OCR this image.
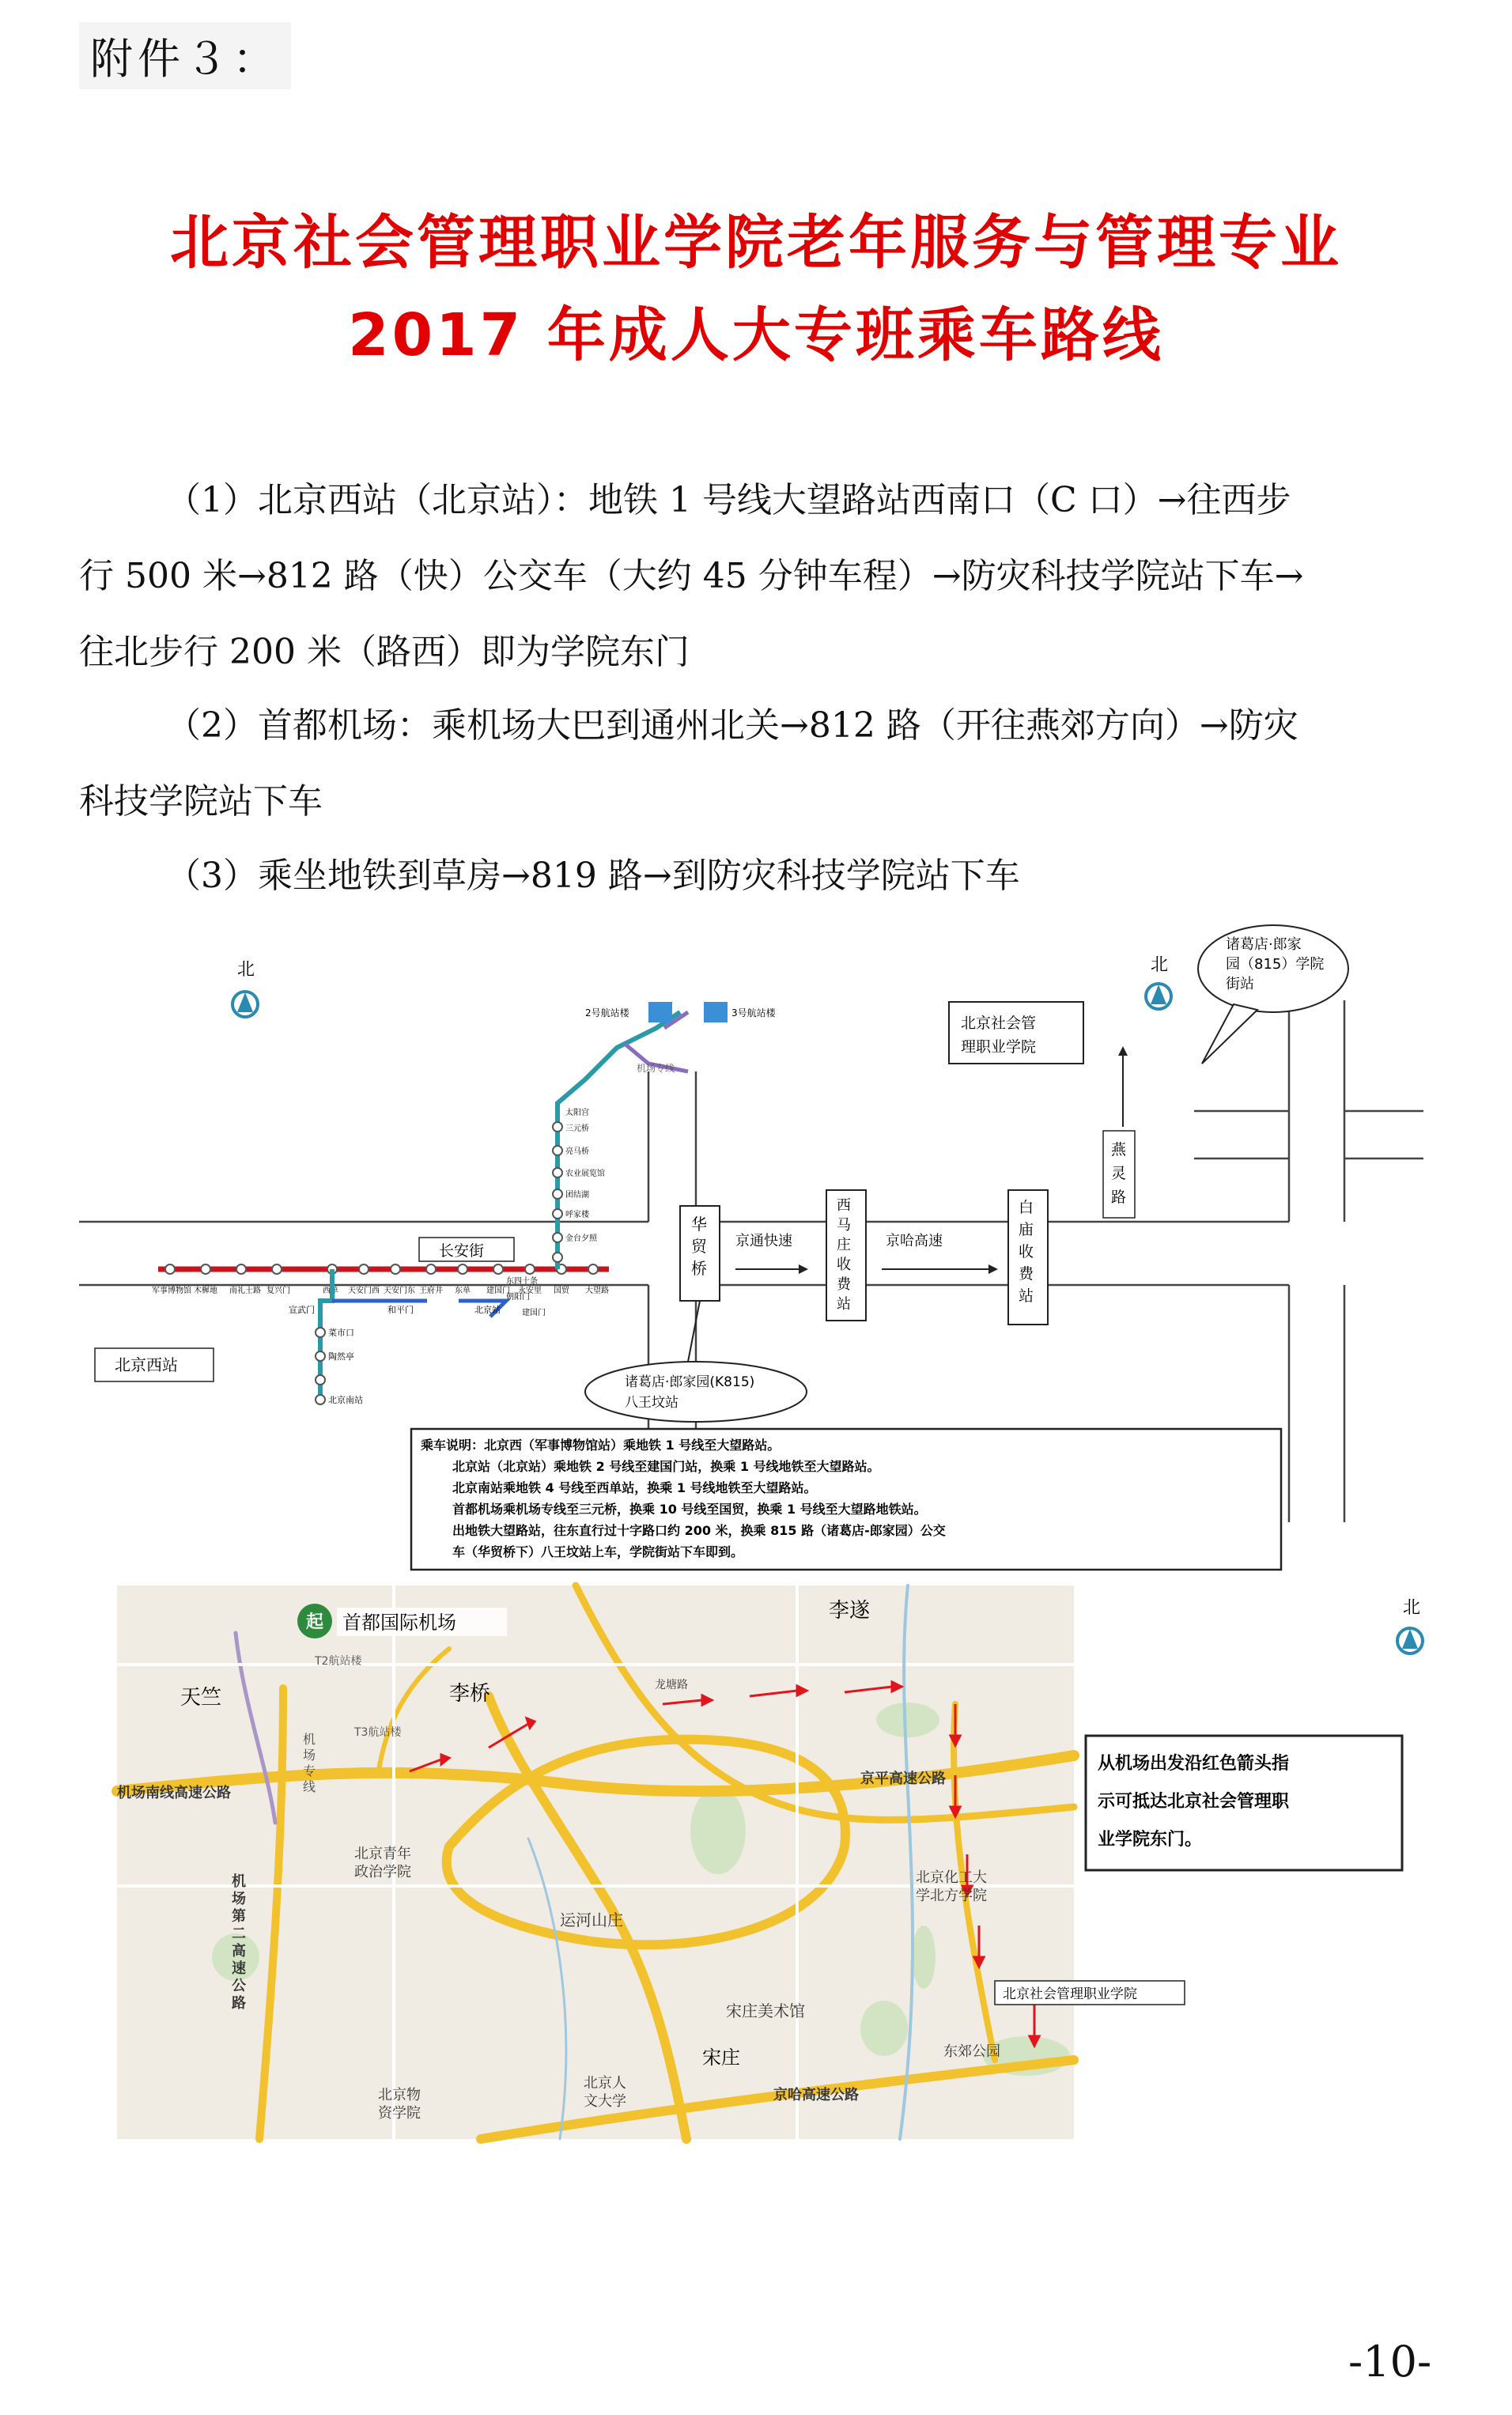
附件３：
北京社会管理职业学院老年服务与管理专业
2017 年成人大专班乘车路线
（1）北京西站（北京站）：地铁 1 号线大望路站西南口（C 口）→往西步
行 500 米→812 路（快）公交车（大约 45 分钟车程）→防灾科技学院站下车→
往北步行 200 米（路西）即为学院东门
（2）首都机场：乘机场大巴到通州北关→812 路（开往燕郊方向）→防灾
科技学院站下车
（3）乘坐地铁到草房→819 路→到防灾科技学院站下车
北	北
诸葛店·郎家
园（815）学院
街站
北京社会管
理职业学院
长安街
北京西站
军事博物馆 木樨地 南礼士路 复兴门	西单 天安门西 天安门东 王府井 东单 建国门 永安里 国贸 大望路
2号航站楼	3号航站楼
机场专线
太阳宫
三元桥
亮马桥
农业展览馆
团结湖
呼家楼
金台夕照
宣武门
菜市口
陶然亭
北京南站
和平门	北京站
东四十条
朝阳门
建国门
华
贸
桥
京通快速
西
马
庄
收
费
站
京哈高速
白
庙
收
费
站
燕
灵
路
诸葛店·郎家园(K815)
八王坟站
乘车说明：北京西（军事博物馆站）乘地铁 1 号线至大望路站。
北京站（北京站）乘地铁 2 号线至建国门站，换乘 1 号线地铁至大望路站。
北京南站乘地铁 4 号线至西单站，换乘 1 号线地铁至大望路站。
首都机场乘机场专线至三元桥，换乘 10 号线至国贸，换乘 1 号线至大望路地铁站。
出地铁大望路站，往东直行过十字路口约 200 米，换乘 815 路（诸葛店-郎家园）公交
车（华贸桥下）八王坟站上车，学院街站下车即到。
起 首都国际机场
T2航站楼
T3航站楼
天竺	李桥
李遂
机场南线高速公路
机
场
专
线
机
场
第
二
高
速
公
路
京平高速公路
京哈高速公路
龙塘路
北京青年
政治学院
运河山庄
宋庄美术馆
宋庄
北京人
文大学
北京物
资学院
北京化工大
学北方学院
东郊公园
北京社会管理职业学院
北
从机场出发沿红色箭头指
示可抵达北京社会管理职
业学院东门。
-10-
